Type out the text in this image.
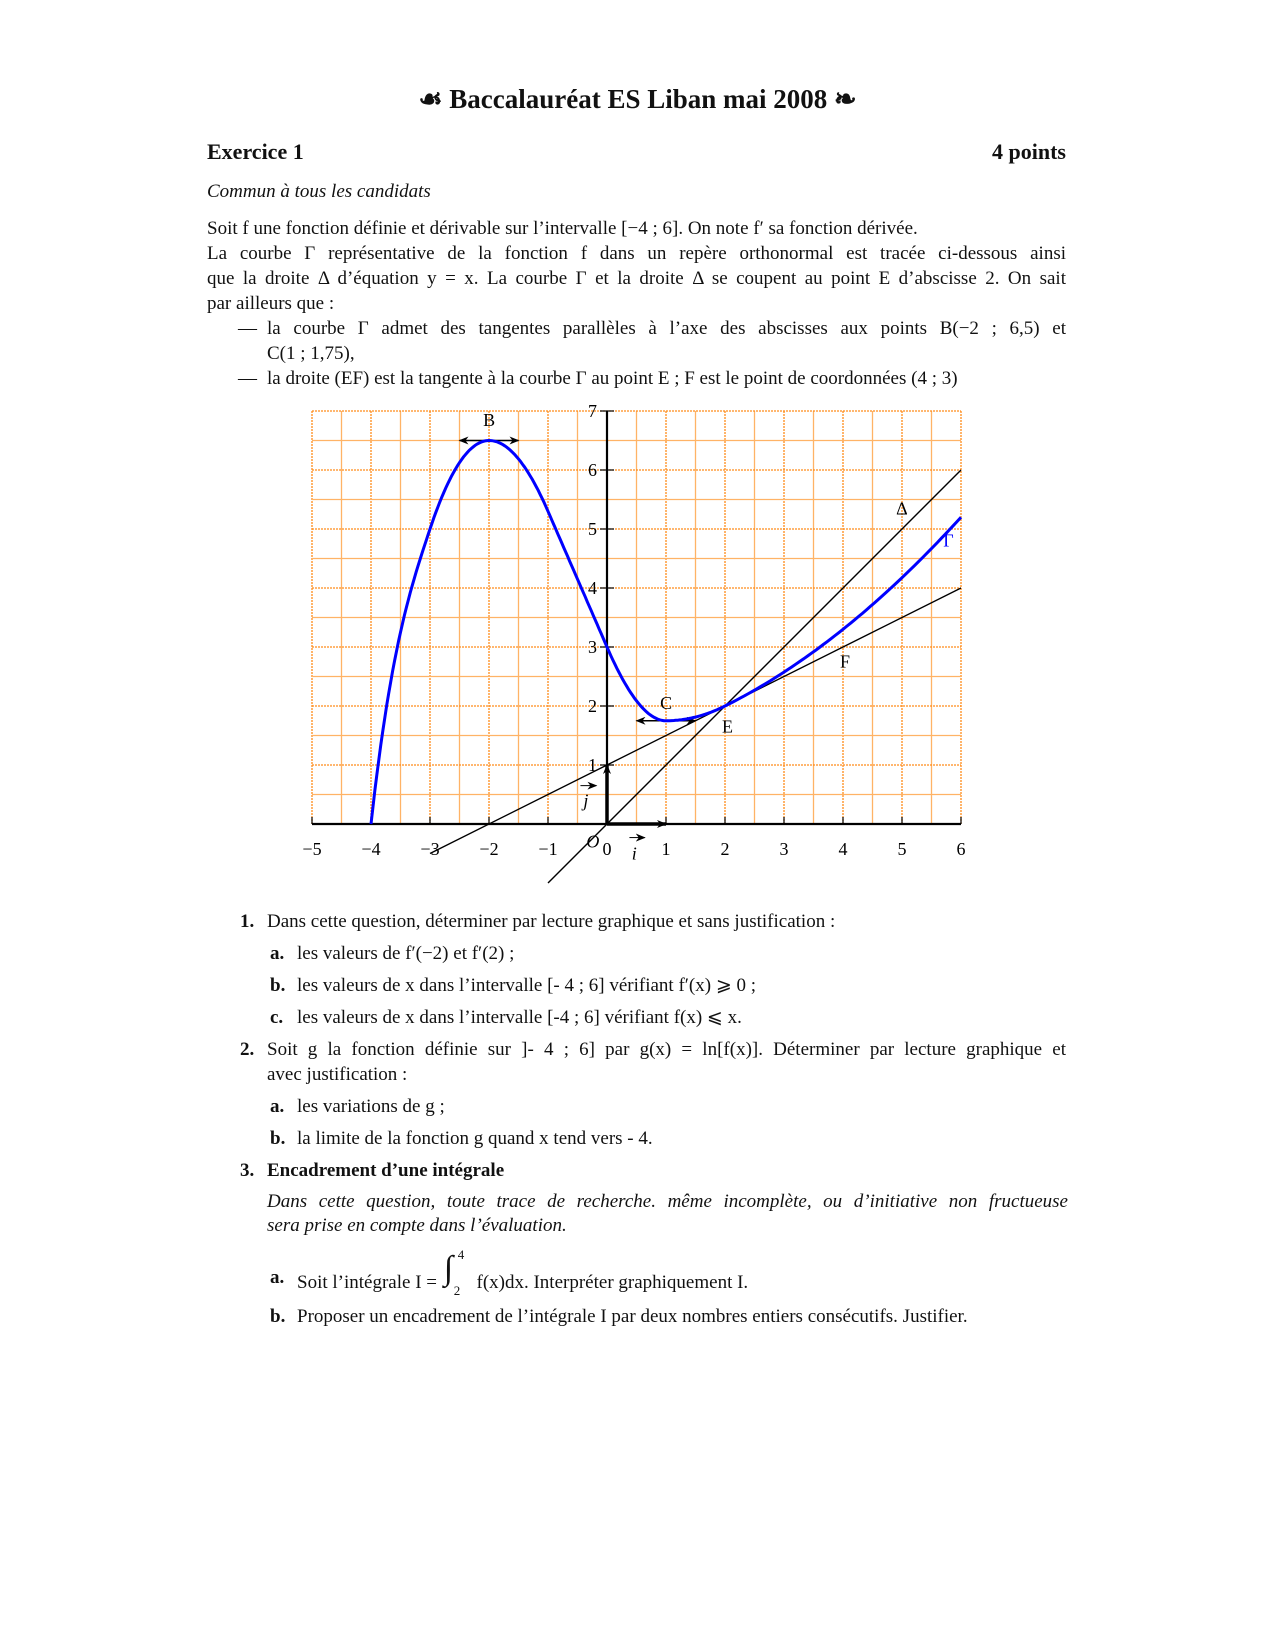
☙ Baccalauréat ES Liban mai 2008 ❧
Exercice 1	4 points
Commun à tous les candidats
Soit f une fonction définie et dérivable sur l’intervalle [−4 ; 6]. On note f′ sa fonction dérivée.
La courbe Γ représentative de la fonction f dans un repère orthonormal est tracée ci-dessous ainsi
que la droite Δ d’équation y = x. La courbe Γ et la droite Δ se coupent au point E d’abscisse 2. On sait
par ailleurs que :
— la courbe Γ admet des tangentes parallèles à l’axe des abscisses aux points B(−2 ; 6,5) et
C(1 ; 1,75),
— la droite (EF) est la tangente à la courbe Γ au point E ; F est le point de coordonnées (4 ; 3)
−5 −4 −3 −2 −1 0	1	2	3	4	5	6
1
2
3
4
5
6
7
B
C
E
F
Δ
Γ
O
i
j
1. Dans cette question, déterminer par lecture graphique et sans justification :
a. les valeurs de f′(−2) et f′(2) ;
b. les valeurs de x dans l’intervalle [- 4 ; 6] vérifiant f′(x) ⩾ 0 ;
c. les valeurs de x dans l’intervalle [-4 ; 6] vérifiant f(x) ⩽ x.
2. Soit g la fonction définie sur ]- 4 ; 6] par g(x) = ln[f(x)]. Déterminer par lecture graphique et
avec justification :
a. les variations de g ;
b. la limite de la fonction g quand x tend vers - 4.
3. Encadrement d’une intégrale
Dans cette question, toute trace de recherche. même incomplète, ou d’initiative non fructueuse
sera prise en compte dans l’évaluation.
a. Soit l’intégrale I = ∫ 4
2 f(x)dx. Interpréter graphiquement I.
b. Proposer un encadrement de l’intégrale I par deux nombres entiers consécutifs. Justifier.
